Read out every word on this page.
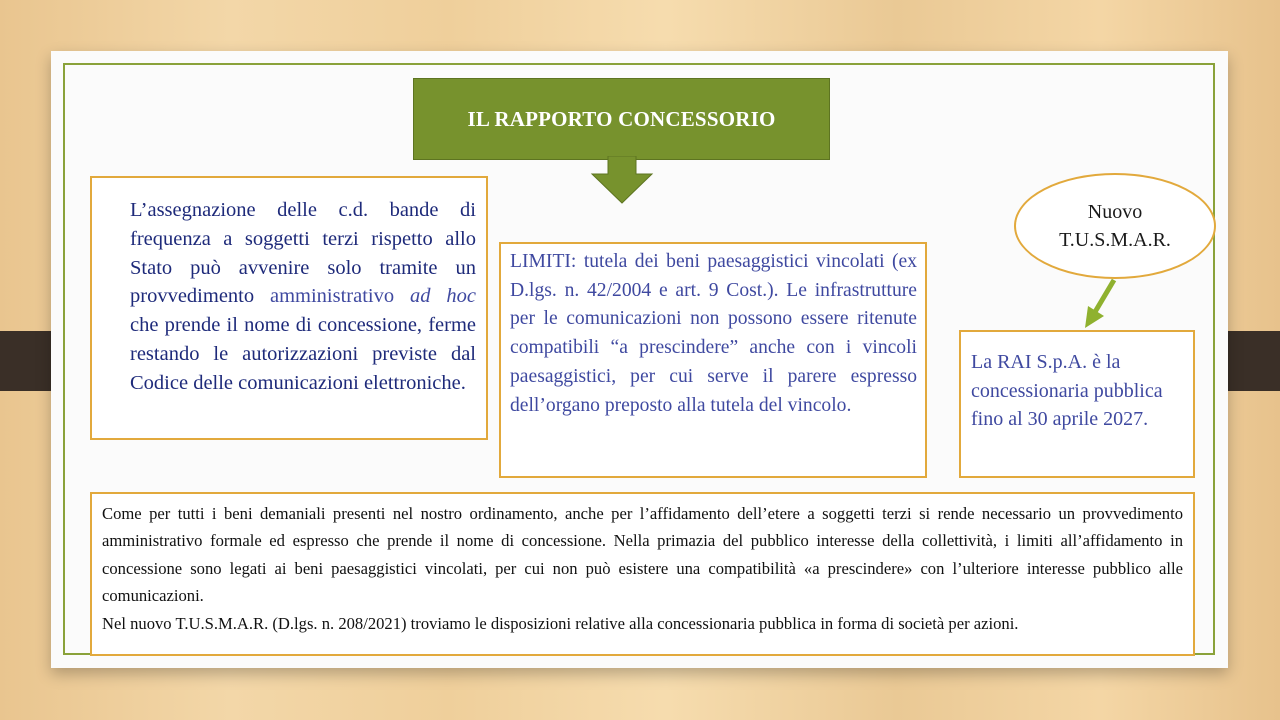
IL RAPPORTO CONCESSORIO

L’assegnazione delle c.d. bande di frequenza a soggetti terzi rispetto allo Stato può avvenire solo tramite un provvedimento amministrativo ad hoc che prende il nome di concessione, ferme restando le autorizzazioni previste dal Codice delle comunicazioni elettroniche.

LIMITI: tutela dei beni paesaggistici vincolati (ex D.lgs. n. 42/2004 e art. 9 Cost.). Le infrastrutture per le comunicazioni non possono essere ritenute compatibili “a prescindere” anche con i vincoli paesaggistici, per cui serve il parere espresso dell’organo preposto alla tutela del vincolo.

Nuovo
T.U.S.M.A.R.

La RAI S.p.A. è la concessionaria pubblica fino al 30 aprile 2027.

Come per tutti i beni demaniali presenti nel nostro ordinamento, anche per l’affidamento dell’etere a soggetti terzi si rende necessario un provvedimento amministrativo formale ed espresso che prende il nome di concessione. Nella primazia del pubblico interesse della collettività, i limiti all’affidamento in concessione sono legati ai beni paesaggistici vincolati, per cui non può esistere una compatibilità «a prescindere» con l’ulteriore interesse pubblico alle comunicazioni.

Nel nuovo T.U.S.M.A.R. (D.lgs. n. 208/2021) troviamo le disposizioni relative alla concessionaria pubblica in forma di società per azioni.
